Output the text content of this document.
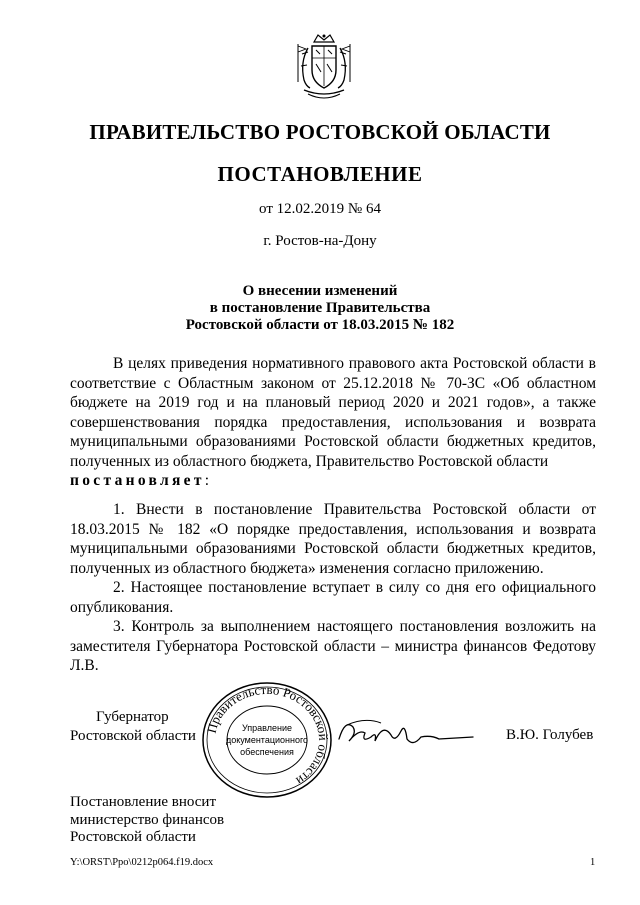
ПРАВИТЕЛЬСТВО РОСТОВСКОЙ ОБЛАСТИ
ПОСТАНОВЛЕНИЕ
от 12.02.2019 № 64
г. Ростов-на-Дону
О внесении изменений
в постановление Правительства
Ростовской области от 18.03.2015 № 182
В целях приведения нормативного правового акта Ростовской области в соответствие с Областным законом от 25.12.2018 № 70-ЗС «Об областном бюджете на 2019 год и на плановый период 2020 и 2021 годов», а также совершенствования порядка предоставления, использования и возврата муниципальными образованиями Ростовской области бюджетных кредитов, полученных из областного бюджета, Правительство Ростовской области
постановляет:

1. Внести в постановление Правительства Ростовской области от 18.03.2015 № 182 «О порядке предоставления, использования и возврата муниципальными образованиями Ростовской области бюджетных кредитов, полученных из областного бюджета» изменения согласно приложению.

2. Настоящее постановление вступает в силу со дня его официального опубликования.

3. Контроль за выполнением настоящего постановления возложить на заместителя Губернатора Ростовской области – министра финансов Федотову Л.В.

Губернатор
Ростовской области Правительство Ростовской области
Управление
документационного
обеспечения
В.Ю. Голубев
Постановление вносит
министерство финансов
Ростовской области
Y:\ORST\Ppo\0212p064.f19.docx	1
